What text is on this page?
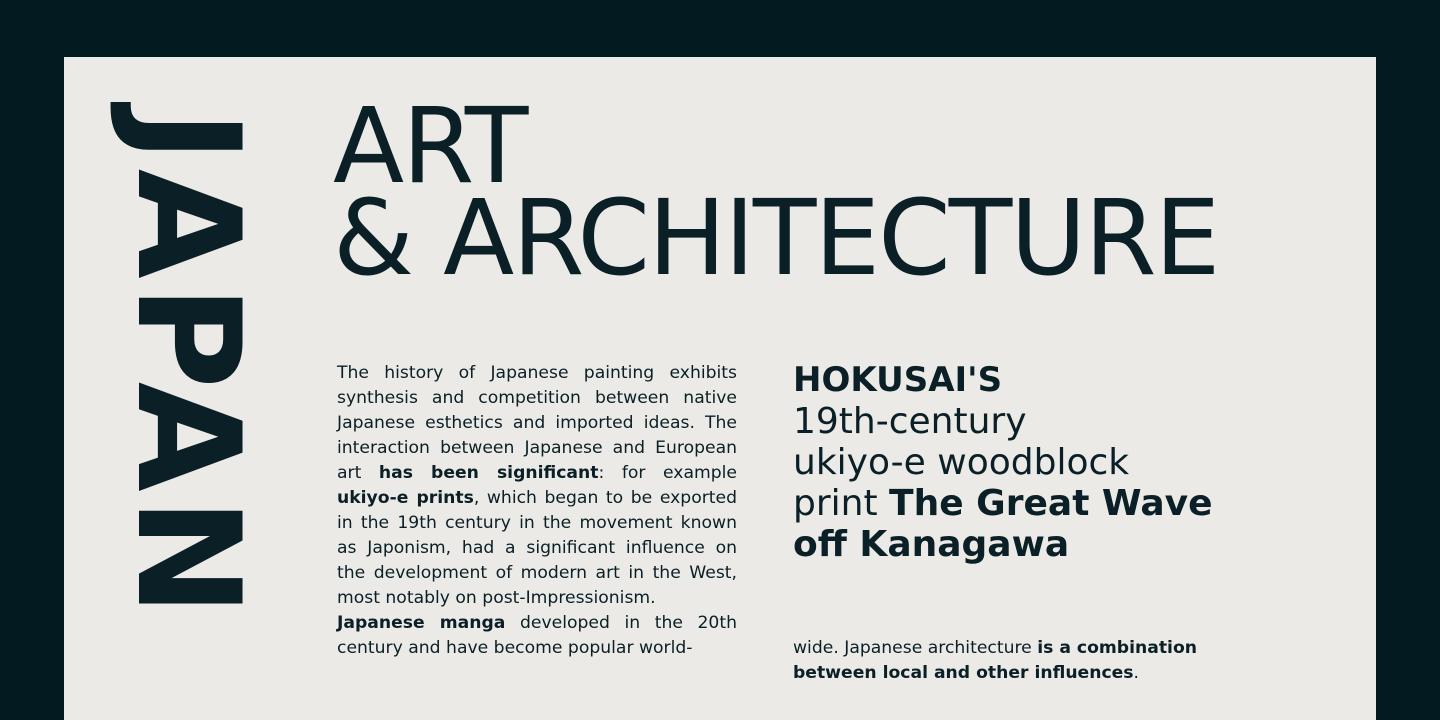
JAPAN ART
& ARCHITECTURE

The history of Japanese painting exhibits synthesis and competition between native Japanese esthetics and imported ideas. The interaction between Japanese and European art has been significant: for example ukiyo-e prints, which began to be exported in the 19th century in the movement known as Japonism, had a significant influence on the development of modern art in the West, most notably on post-Impressionism.

Japanese manga developed in the 20th century and have become popular world-

HOKUSAI'S
19th-century
ukiyo-e woodblock
print The Great Wave
off Kanagawa

wide. Japanese architecture is a combination between local and other influences.
